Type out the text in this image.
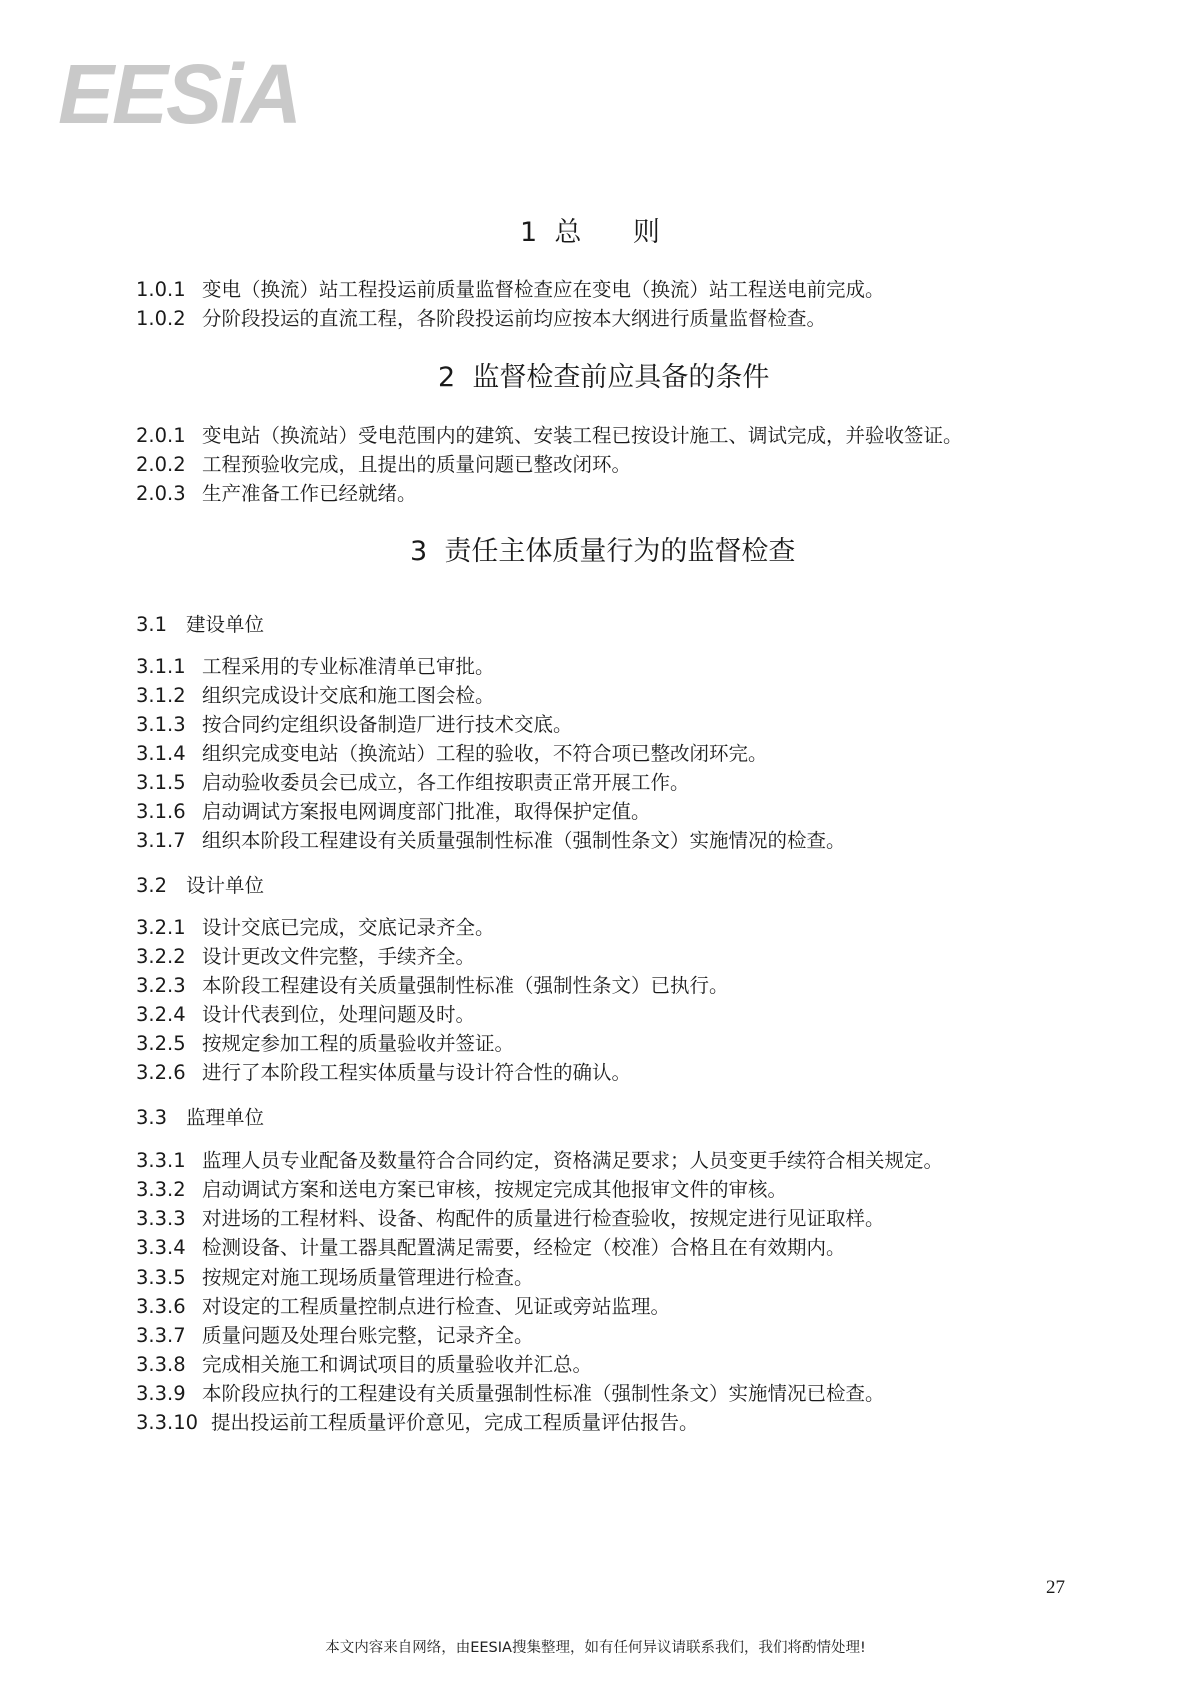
EESiA
1  总      则
1.0.1 变电（换流）站工程投运前质量监督检查应在变电（换流）站工程送电前完成。
1.0.2 分阶段投运的直流工程，各阶段投运前均应按本大纲进行质量监督检查。
2  监督检查前应具备的条件
2.0.1 变电站（换流站）受电范围内的建筑、安装工程已按设计施工、调试完成，并验收签证。
2.0.2 工程预验收完成，且提出的质量问题已整改闭环。
2.0.3 生产准备工作已经就绪。
3  责任主体质量行为的监督检查
3.1 建设单位
3.1.1 工程采用的专业标准清单已审批。
3.1.2 组织完成设计交底和施工图会检。
3.1.3 按合同约定组织设备制造厂进行技术交底。
3.1.4 组织完成变电站（换流站）工程的验收，不符合项已整改闭环完。
3.1.5 启动验收委员会已成立，各工作组按职责正常开展工作。
3.1.6 启动调试方案报电网调度部门批准，取得保护定值。
3.1.7 组织本阶段工程建设有关质量强制性标准（强制性条文）实施情况的检查。
3.2 设计单位
3.2.1 设计交底已完成，交底记录齐全。
3.2.2 设计更改文件完整，手续齐全。
3.2.3 本阶段工程建设有关质量强制性标准（强制性条文）已执行。
3.2.4 设计代表到位，处理问题及时。
3.2.5 按规定参加工程的质量验收并签证。
3.2.6 进行了本阶段工程实体质量与设计符合性的确认。
3.3 监理单位
3.3.1 监理人员专业配备及数量符合合同约定，资格满足要求；人员变更手续符合相关规定。
3.3.2 启动调试方案和送电方案已审核，按规定完成其他报审文件的审核。
3.3.3 对进场的工程材料、设备、构配件的质量进行检查验收，按规定进行见证取样。
3.3.4 检测设备、计量工器具配置满足需要，经检定（校准）合格且在有效期内。
3.3.5 按规定对施工现场质量管理进行检查。
3.3.6 对设定的工程质量控制点进行检查、见证或旁站监理。
3.3.7 质量问题及处理台账完整，记录齐全。
3.3.8 完成相关施工和调试项目的质量验收并汇总。
3.3.9 本阶段应执行的工程建设有关质量强制性标准（强制性条文）实施情况已检查。
3.3.10 提出投运前工程质量评价意见，完成工程质量评估报告。
27
本文内容来自网络，由EESIA搜集整理，如有任何异议请联系我们，我们将酌情处理!
